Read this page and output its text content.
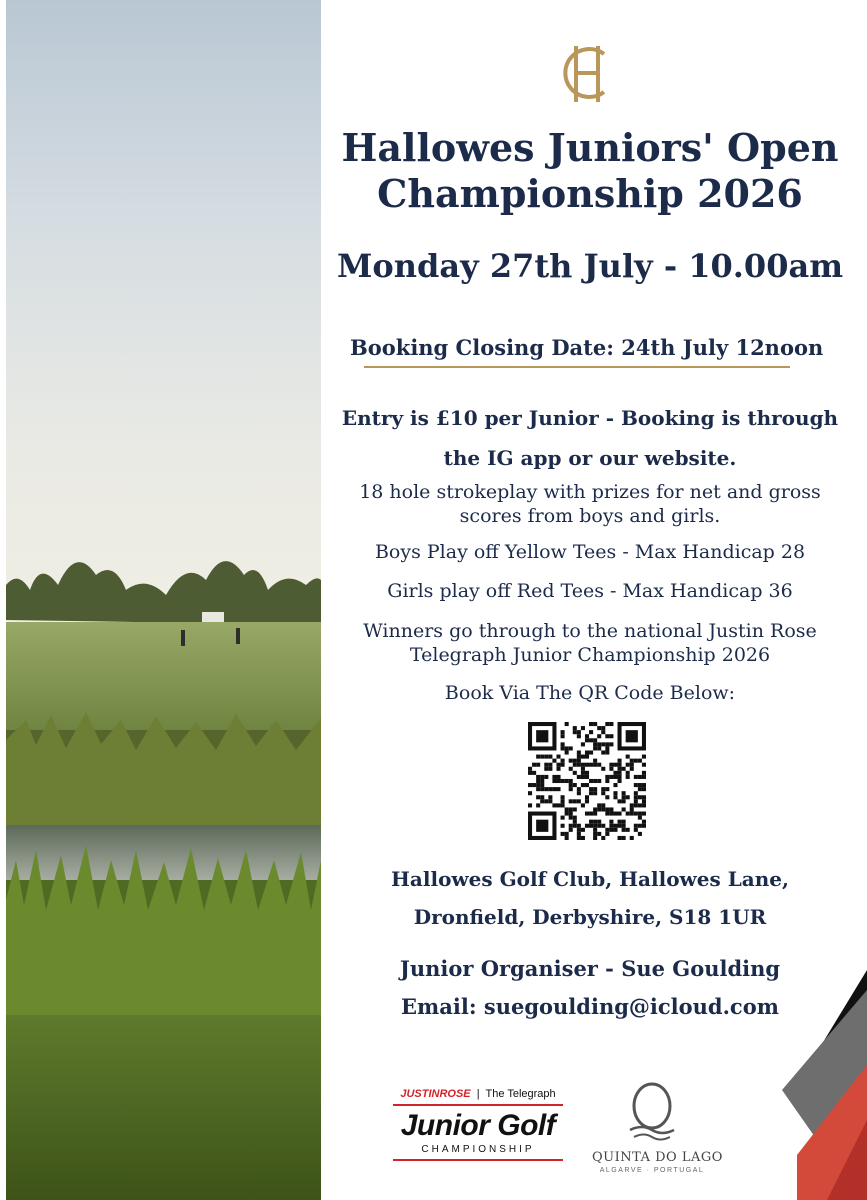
Hallowes Juniors' Open
Championship 2026
Monday 27th July - 10.00am
Booking Closing Date: 24th July 12noon
Entry is £10 per Junior - Booking is through
the IG app or our website.
18 hole strokeplay with prizes for net and gross
scores from boys and girls.
Boys Play off Yellow Tees - Max Handicap 28
Girls play off Red Tees - Max Handicap 36
Winners go through to the national Justin Rose
Telegraph Junior Championship 2026
Book Via The QR Code Below:
Hallowes Golf Club, Hallowes Lane,
Dronfield, Derbyshire, S18 1UR
Junior Organiser - Sue Goulding
Email: suegoulding@icloud.com
JUSTINROSE  |  The Telegraph
Junior Golf
CHAMPIONSHIP
QUINTA DO LAGO
ALGARVE · PORTUGAL
